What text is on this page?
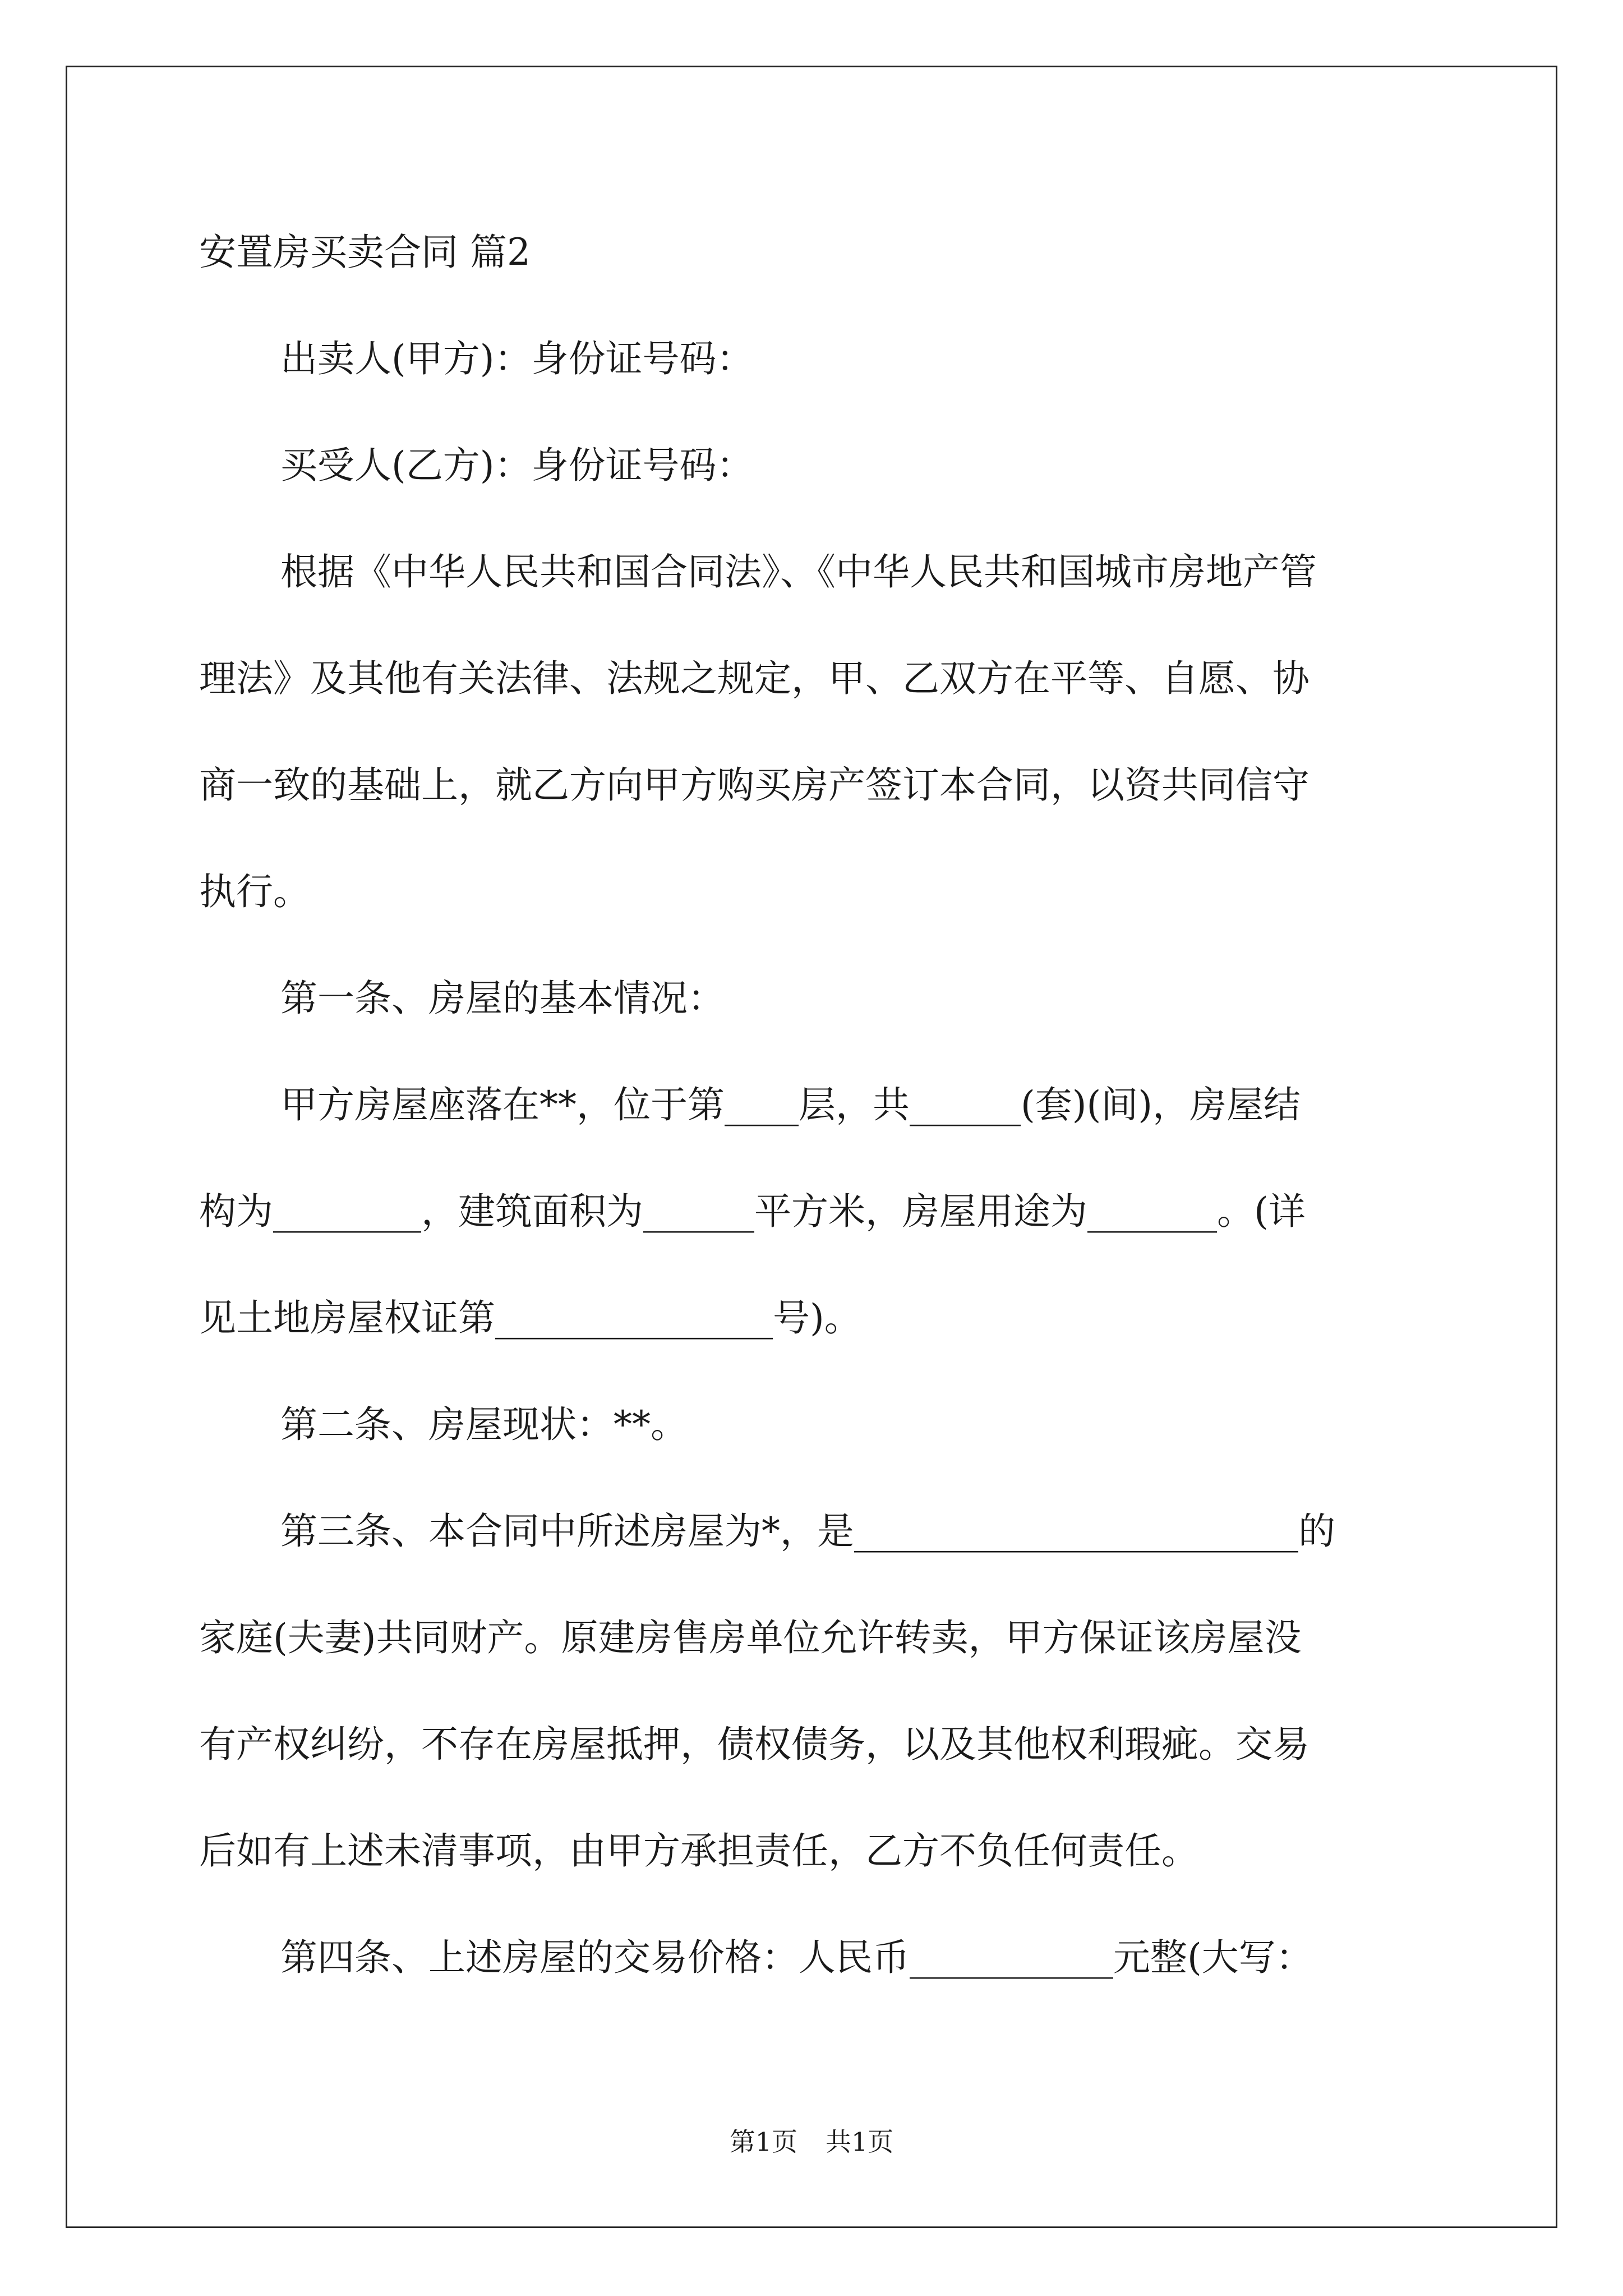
安置房买卖合同 篇2
出卖人(甲方)：身份证号码：
买受人(乙方)：身份证号码：
根据《中华人民共和国合同法》、《中华人民共和国城市房地产管
理法》及其他有关法律、法规之规定，甲、乙双方在平等、自愿、协
商一致的基础上，就乙方向甲方购买房产签订本合同，以资共同信守
执行。
第一条、房屋的基本情况：
甲方房屋座落在**，位于第____层，共______(套)(间)，房屋结
构为________，建筑面积为______平方米，房屋用途为_______。(详
见土地房屋权证第_______________号)。
第二条、房屋现状：**。
第三条、本合同中所述房屋为*，是________________________的
家庭(夫妻)共同财产。原建房售房单位允许转卖，甲方保证该房屋没
有产权纠纷，不存在房屋抵押，债权债务，以及其他权利瑕疵。交易
后如有上述未清事项，由甲方承担责任，乙方不负任何责任。
第四条、上述房屋的交易价格：人民币___________元整(大写：
第1页 共1页
